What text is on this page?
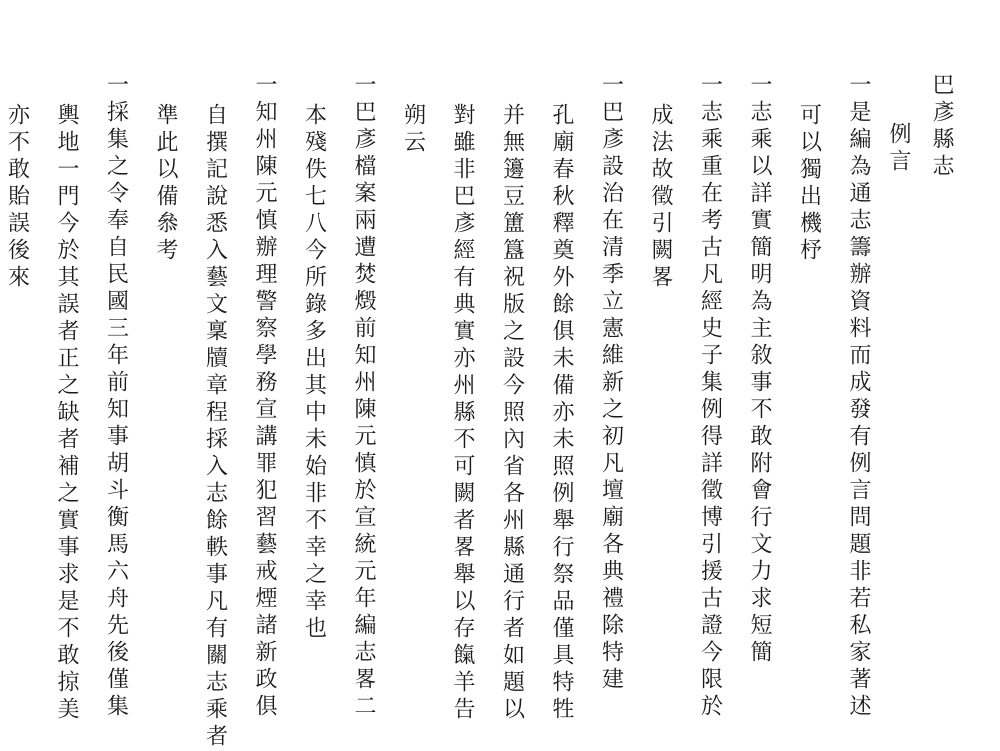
巴彥縣志
例言
一是編為通志籌辦資料而成發有例言問題非若私家著述
可以獨出機杼
一志乘以詳實簡明為主敘事不敢附會行文力求短簡
一志乘重在考古凡經史子集例得詳徵博引援古證今限於
成法故徵引闕畧
一巴彥設治在清季立憲維新之初凡壇廟各典禮除特建
孔廟春秋釋奠外餘俱未備亦未照例舉行祭品僅具特牲
并無籩豆簠簋祝版之設今照內省各州縣通行者如題以
對雖非巴彥經有典實亦州縣不可闕者畧舉以存餼羊告
朔云
一巴彥檔案兩遭焚燬前知州陳元慎於宣統元年編志畧二
本殘佚七八今所錄多出其中未始非不幸之幸也
一知州陳元慎辦理警察學務宣講罪犯習藝戒煙諸新政俱
自撰記說悉入藝文稟牘章程採入志餘軼事凡有關志乘者
準此以備叅考
一採集之令奉自民國三年前知事胡斗衡馬六舟先後僅集
輿地一門今於其誤者正之缺者補之實事求是不敢掠美
亦不敢貽誤後來
